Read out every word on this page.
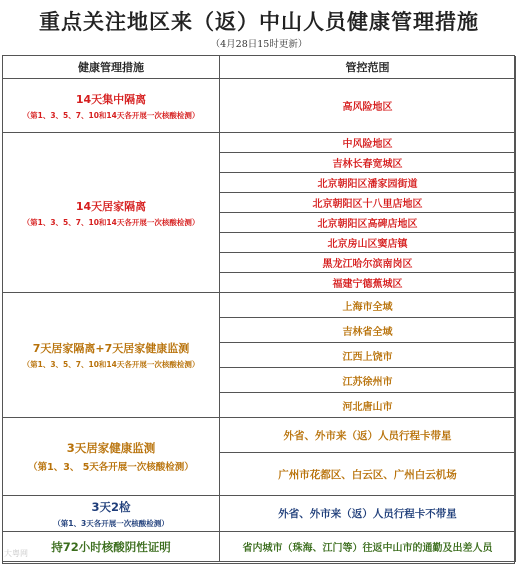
重点关注地区来（返）中山人员健康管理措施
（4月28日15时更新）
健康管理措施	管控范围
14天集中隔离
（第1、3、5、7、10和14天各开展一次核酸检测）
高风险地区
14天居家隔离
（第1、3、5、7、10和14天各开展一次核酸检测）
中风险地区
吉林长春宽城区
北京朝阳区潘家园街道
北京朝阳区十八里店地区
北京朝阳区高碑店地区
北京房山区窦店镇
黑龙江哈尔滨南岗区
福建宁德蕉城区
7天居家隔离+7天居家健康监测
（第1、3、5、7、10和14天各开展一次核酸检测）
上海市全域
吉林省全域
江西上饶市
江苏徐州市
河北唐山市
3天居家健康监测
（第1、3、 5天各开展一次核酸检测）
外省、外市来（返）人员行程卡带星
广州市花都区、白云区、广州白云机场
3天2检
（第1、3天各开展一次核酸检测）
外省、外市来（返）人员行程卡不带星
持72小时核酸阴性证明	省内城市（珠海、江门等）往返中山市的通勤及出差人员
大粤网
